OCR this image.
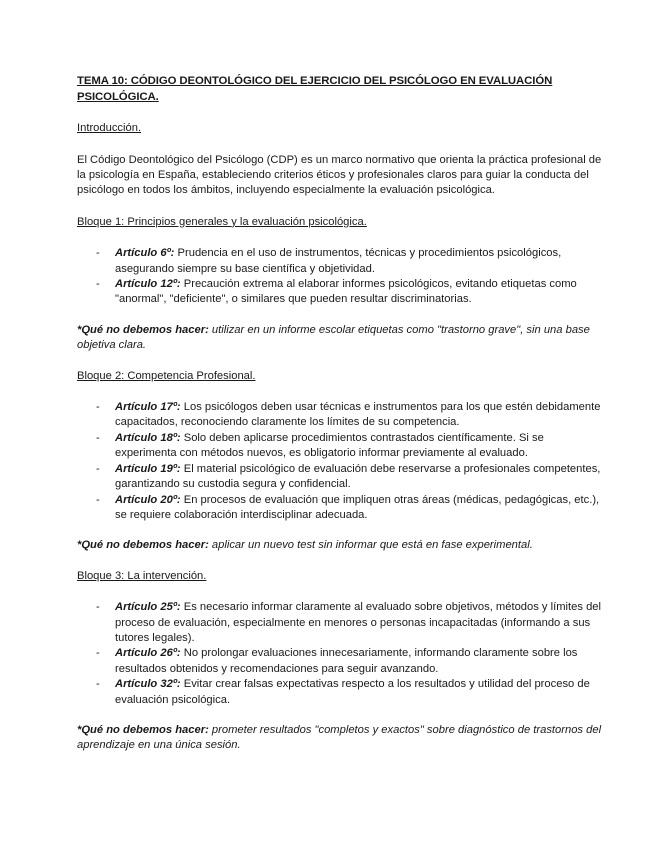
TEMA 10: CÓDIGO DEONTOLÓGICO DEL EJERCICIO DEL PSICÓLOGO EN EVALUACIÓN PSICOLÓGICA.

Introducción.

El Código Deontológico del Psicólogo (CDP) es un marco normativo que orienta la práctica profesional de la psicología en España, estableciendo criterios éticos y profesionales claros para guiar la conducta del psicólogo en todos los ámbitos, incluyendo especialmente la evaluación psicológica.

Bloque 1: Principios generales y la evaluación psicológica.

- Artículo 6º: Prudencia en el uso de instrumentos, técnicas y procedimientos psicológicos, asegurando siempre su base científica y objetividad.
- Artículo 12º: Precaución extrema al elaborar informes psicológicos, evitando etiquetas como "anormal", "deficiente", o similares que pueden resultar discriminatorias.

*Qué no debemos hacer: utilizar en un informe escolar etiquetas como "trastorno grave", sin una base objetiva clara.

Bloque 2: Competencia Profesional.

- Artículo 17º: Los psicólogos deben usar técnicas e instrumentos para los que estén debidamente capacitados, reconociendo claramente los límites de su competencia.
- Artículo 18º: Solo deben aplicarse procedimientos contrastados científicamente. Si se experimenta con métodos nuevos, es obligatorio informar previamente al evaluado.
- Artículo 19º: El material psicológico de evaluación debe reservarse a profesionales competentes, garantizando su custodia segura y confidencial.
- Artículo 20º: En procesos de evaluación que impliquen otras áreas (médicas, pedagógicas, etc.), se requiere colaboración interdisciplinar adecuada.

*Qué no debemos hacer: aplicar un nuevo test sin informar que está en fase experimental.

Bloque 3: La intervención.

- Artículo 25º: Es necesario informar claramente al evaluado sobre objetivos, métodos y límites del proceso de evaluación, especialmente en menores o personas incapacitadas (informando a sus tutores legales).
- Artículo 26º: No prolongar evaluaciones innecesariamente, informando claramente sobre los resultados obtenidos y recomendaciones para seguir avanzando.
- Artículo 32º: Evitar crear falsas expectativas respecto a los resultados y utilidad del proceso de evaluación psicológica.

*Qué no debemos hacer: prometer resultados "completos y exactos" sobre diagnóstico de trastornos del aprendizaje en una única sesión.
